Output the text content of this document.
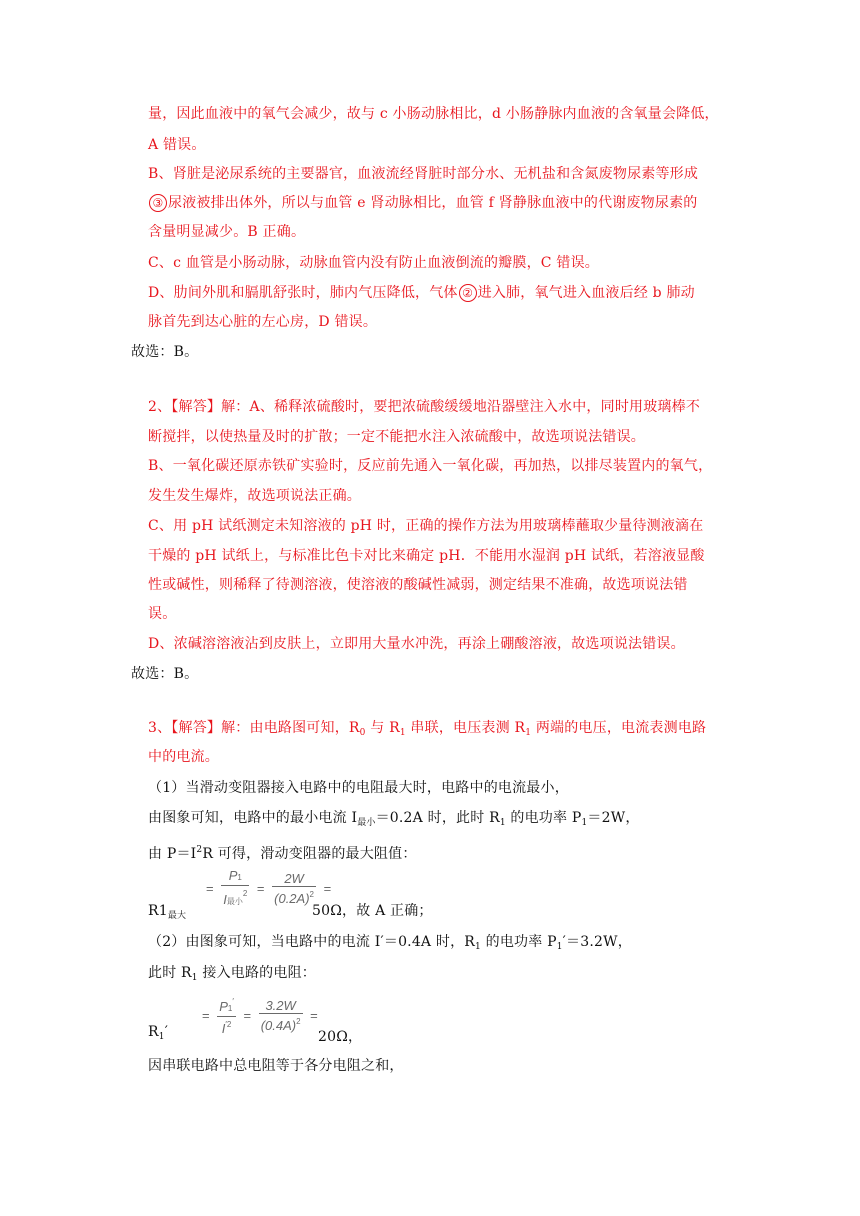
量，因此血液中的氧气会减少，故与 c 小肠动脉相比，d 小肠静脉内血液的含氧量会降低，
A 错误。
B、肾脏是泌尿系统的主要器官，血液流经肾脏时部分水、无机盐和含氮废物尿素等形成
③ 尿液被排出体外，所以与血管 e 肾动脉相比，血管 f 肾静脉血液中的代谢废物尿素的
含量明显减少。B 正确。
C、c 血管是小肠动脉，动脉血管内没有防止血液倒流的瓣膜，C 错误。
D、肋间外肌和膈肌舒张时，肺内气压降低，气体 ② 进入肺，氧气进入血液后经 b 肺动
脉首先到达心脏的左心房，D 错误。
故选：B。
2、【解答】解：A、稀释浓硫酸时，要把浓硫酸缓缓地沿器壁注入水中，同时用玻璃棒不
断搅拌，以使热量及时的扩散；一定不能把水注入浓硫酸中，故选项说法错误。
B、一氧化碳还原赤铁矿实验时，反应前先通入一氧化碳，再加热，以排尽装置内的氧气，
发生发生爆炸，故选项说法正确。
C、用 pH 试纸测定未知溶液的 pH 时，正确的操作方法为用玻璃棒蘸取少量待测液滴在
干燥的 pH 试纸上，与标准比色卡对比来确定 pH．不能用水湿润 pH 试纸，若溶液显酸
性或碱性，则稀释了待测溶液，使溶液的酸碱性减弱，测定结果不准确，故选项说法错
误。
D、浓碱溶溶液沾到皮肤上，立即用大量水冲洗，再涂上硼酸溶液，故选项说法错误。
故选：B。
3、【解答】解：由电路图可知，$R_0$ 与 $R_1$ 串联，电压表测 $R_1$ 两端的电压，电流表测电路
中的电流。
（1）当滑动变阻器接入电路中的电阻最大时，电路中的电流最小，
由图象可知，电路中的最小电流 $I_{最小}=0.2A$ 时，此时 $R_1$ 的电功率 $P_1=2W$，
由 $P=I^2R$ 可得，滑动变阻器的最大阻值：
$R1_{最大}$
= $\frac{P1}{I最小^2} = \frac{2W}{(0.2A)^2}$ =
50Ω，故 A 正确；
（2）由图象可知，当电路中的电流 I′＝0.4A 时，$R_1$ 的电功率 $P_1'=3.2W$，
此时 $R_1$ 接入电路的电阻：
$R_1'$
= $\frac{P1'}{I^{'2}} = \frac{3.2W}{(0.4A)^2}$ =
20Ω，
因串联电路中总电阻等于各分电阻之和，
